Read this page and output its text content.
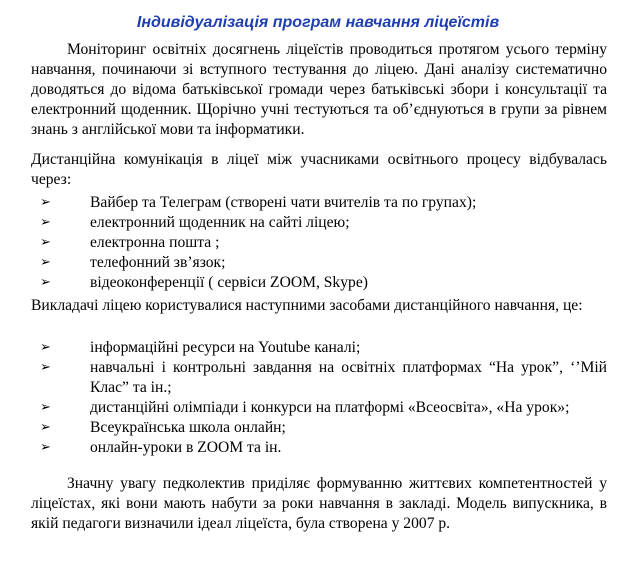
Індивідуалізація програм навчання ліцеїстів

Моніторинг освітніх досягнень ліцеїстів проводиться протягом усього терміну навчання, починаючи зі вступного тестування до ліцею. Дані аналізу систематично доводяться до відома батьківської громади через батьківські збори і консультації та електронний щоденник. Щорічно учні тестуються та об’єднуються в групи за рівнем знань з англійської мови та інформатики.

Дистанційна комунікація в ліцеї між учасниками освітнього процесу відбувалась через:

➢	Вайбер та Телеграм (створені чати вчителів та по групах);
➢	електронний щоденник на сайті ліцею;
➢	електронна пошта ;
➢	телефонний зв’язок;
➢	відеоконференції ( сервіси ZOOM, Skype)

Викладачі ліцею користувалися наступними засобами дистанційного навчання, це:

➢	інформаційні ресурси на Youtube каналі;
➢	навчальні і контрольні завдання на освітніх платформах “На урок”, ‘’Мій Клас” та ін.;
➢	дистанційні олімпіади і конкурси на платформі «Всеосвіта», «На урок»;
➢	Всеукраїнська школа онлайн;
➢	онлайн-уроки в ZOOM та ін.

Значну увагу педколектив приділяє формуванню життєвих компетентностей у ліцеїстах, які вони мають набути за роки навчання в закладі. Модель випускника, в якій педагоги визначили ідеал ліцеїста, була створена у 2007 р.
